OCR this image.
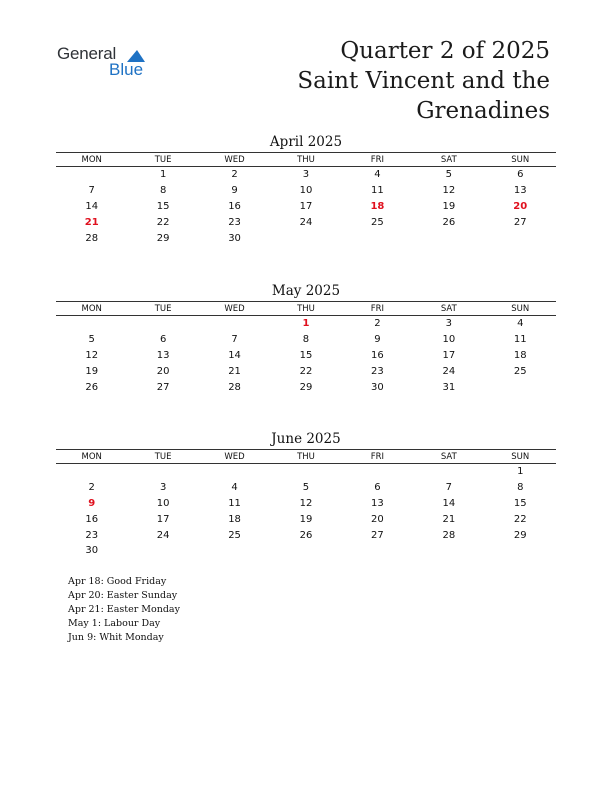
General
Blue
Quarter 2 of 2025
Saint Vincent and the
Grenadines
April 2025
MON	TUE	WED	THU	FRI	SAT	SUN
	1	2	3	4	5	6
7	8	9	10	11	12	13
14	15	16	17	18	19	20
21	22	23	24	25	26	27
28	29	30				
May 2025
MON	TUE	WED	THU	FRI	SAT	SUN
			1	2	3	4
5	6	7	8	9	10	11
12	13	14	15	16	17	18
19	20	21	22	23	24	25
26	27	28	29	30	31	
June 2025
MON	TUE	WED	THU	FRI	SAT	SUN
						1
2	3	4	5	6	7	8
9	10	11	12	13	14	15
16	17	18	19	20	21	22
23	24	25	26	27	28	29
30						
Apr 18: Good Friday
Apr 20: Easter Sunday
Apr 21: Easter Monday
May 1: Labour Day
Jun 9: Whit Monday
